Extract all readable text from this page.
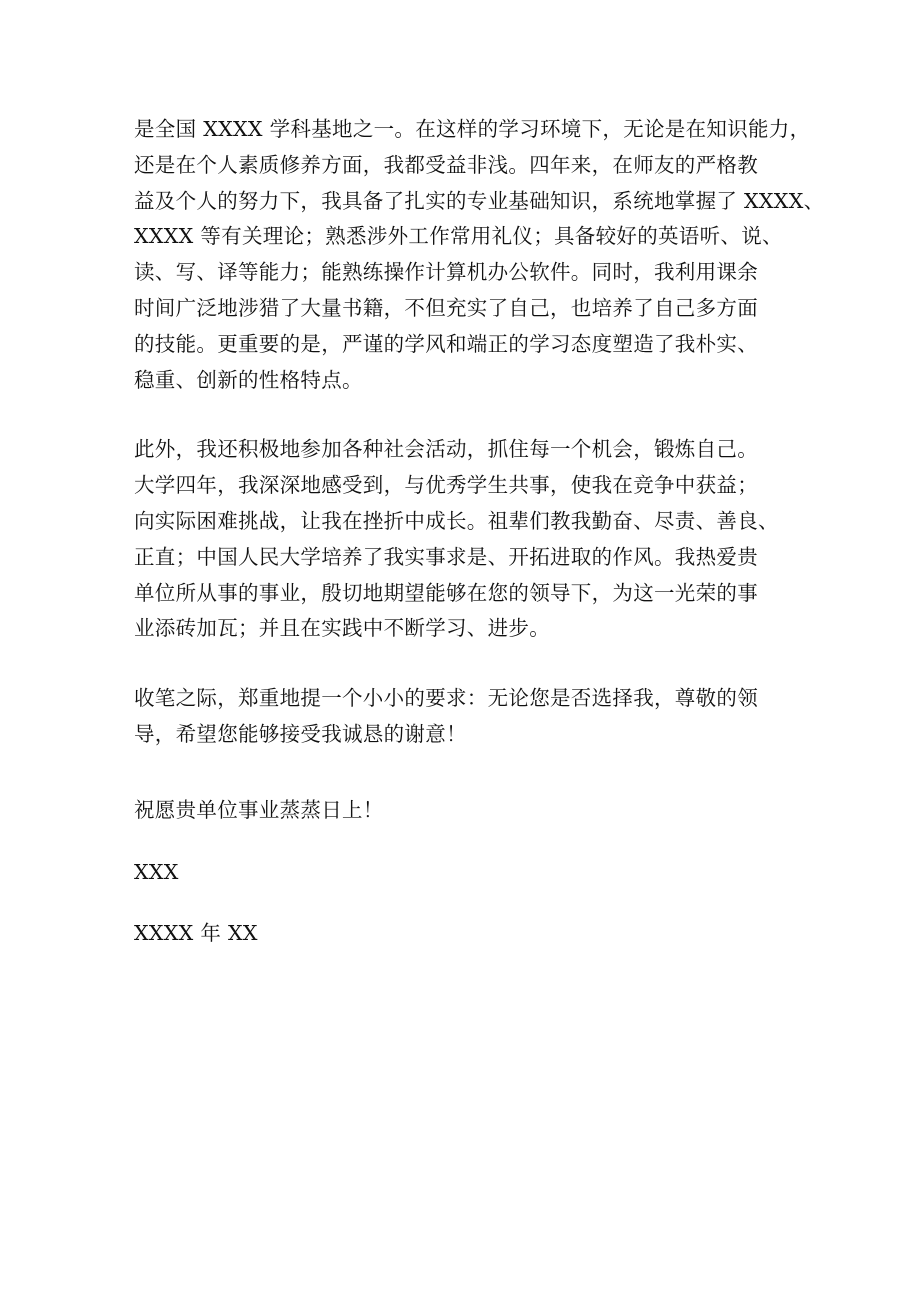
是全国 XXXX 学科基地之一。在这样的学习环境下，无论是在知识能力，
还是在个人素质修养方面，我都受益非浅。四年来，在师友的严格教
益及个人的努力下，我具备了扎实的专业基础知识，系统地掌握了 XXXX、
XXXX 等有关理论；熟悉涉外工作常用礼仪；具备较好的英语听、说、
读、写、译等能力；能熟练操作计算机办公软件。同时，我利用课余
时间广泛地涉猎了大量书籍，不但充实了自己，也培养了自己多方面
的技能。更重要的是，严谨的学风和端正的学习态度塑造了我朴实、
稳重、创新的性格特点。

此外，我还积极地参加各种社会活动，抓住每一个机会，锻炼自己。
大学四年，我深深地感受到，与优秀学生共事，使我在竞争中获益；
向实际困难挑战，让我在挫折中成长。祖辈们教我勤奋、尽责、善良、
正直；中国人民大学培养了我实事求是、开拓进取的作风。我热爱贵
单位所从事的事业，殷切地期望能够在您的领导下，为这一光荣的事
业添砖加瓦；并且在实践中不断学习、进步。

收笔之际，郑重地提一个小小的要求：无论您是否选择我，尊敬的领
导，希望您能够接受我诚恳的谢意！

祝愿贵单位事业蒸蒸日上！

XXX

XXXX 年 XX
